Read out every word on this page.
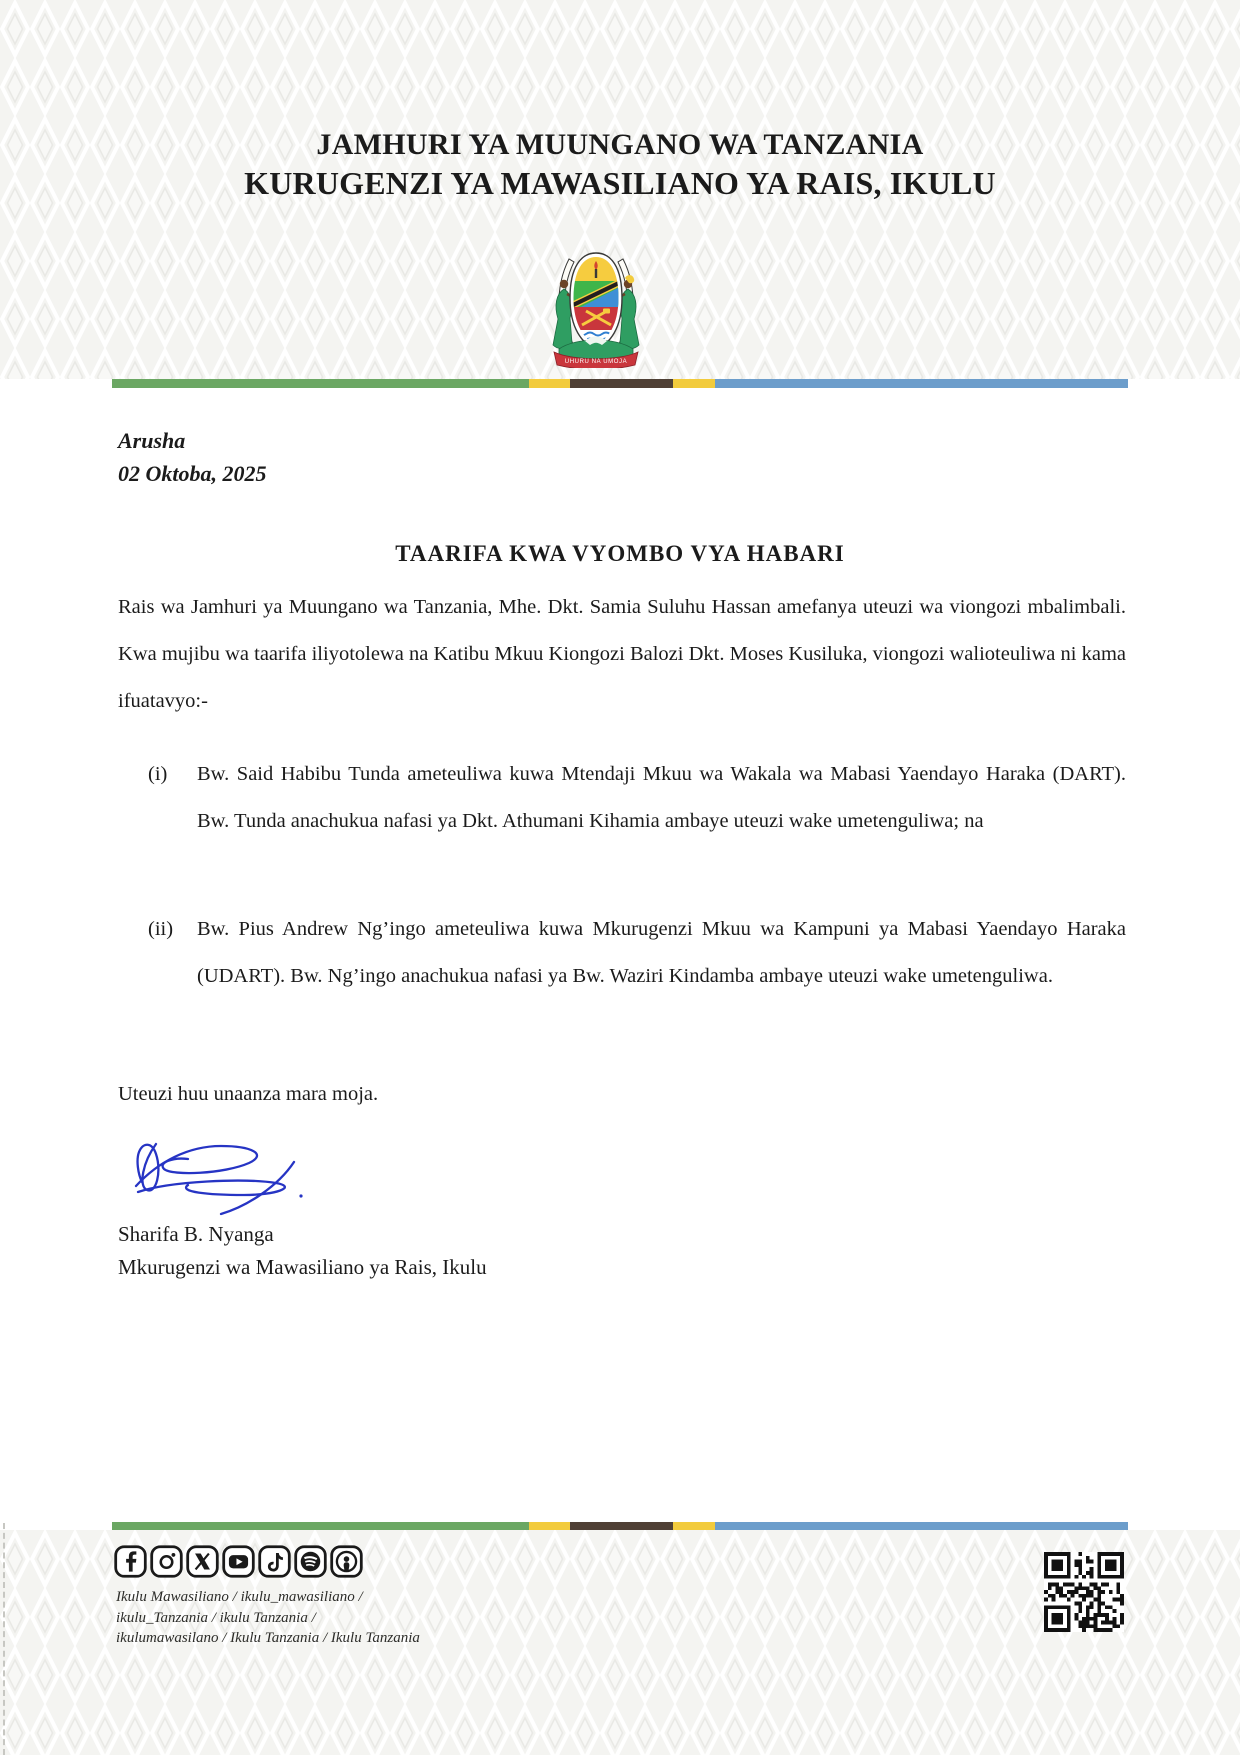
JAMHURI YA MUUNGANO WA TANZANIA
KURUGENZI YA MAWASILIANO YA RAIS, IKULU
UHURU NA UMOJA
Arusha
02 Oktoba, 2025
TAARIFA KWA VYOMBO VYA HABARI
Rais wa Jamhuri ya Muungano wa Tanzania, Mhe. Dkt. Samia Suluhu Hassan amefanya uteuzi wa viongozi mbalimbali. Kwa mujibu wa taarifa iliyotolewa na Katibu Mkuu Kiongozi Balozi Dkt. Moses Kusiluka, viongozi walioteuliwa ni kama ifuatavyo:-
(i)	Bw. Said Habibu Tunda ameteuliwa kuwa Mtendaji Mkuu wa Wakala wa Mabasi Yaendayo Haraka (DART). Bw. Tunda anachukua nafasi ya Dkt. Athumani Kihamia ambaye uteuzi wake umetenguliwa; na
(ii)	Bw. Pius Andrew Ng’ingo ameteuliwa kuwa Mkurugenzi Mkuu wa Kampuni ya Mabasi Yaendayo Haraka (UDART). Bw. Ng’ingo anachukua nafasi ya Bw. Waziri Kindamba ambaye uteuzi wake umetenguliwa.
Uteuzi huu unaanza mara moja.
Sharifa B. Nyanga
Mkurugenzi wa Mawasiliano ya Rais, Ikulu
Ikulu Mawasiliano / ikulu_mawasiliano /
ikulu_Tanzania / ikulu Tanzania /
ikulumawasilano / Ikulu Tanzania / Ikulu Tanzania
